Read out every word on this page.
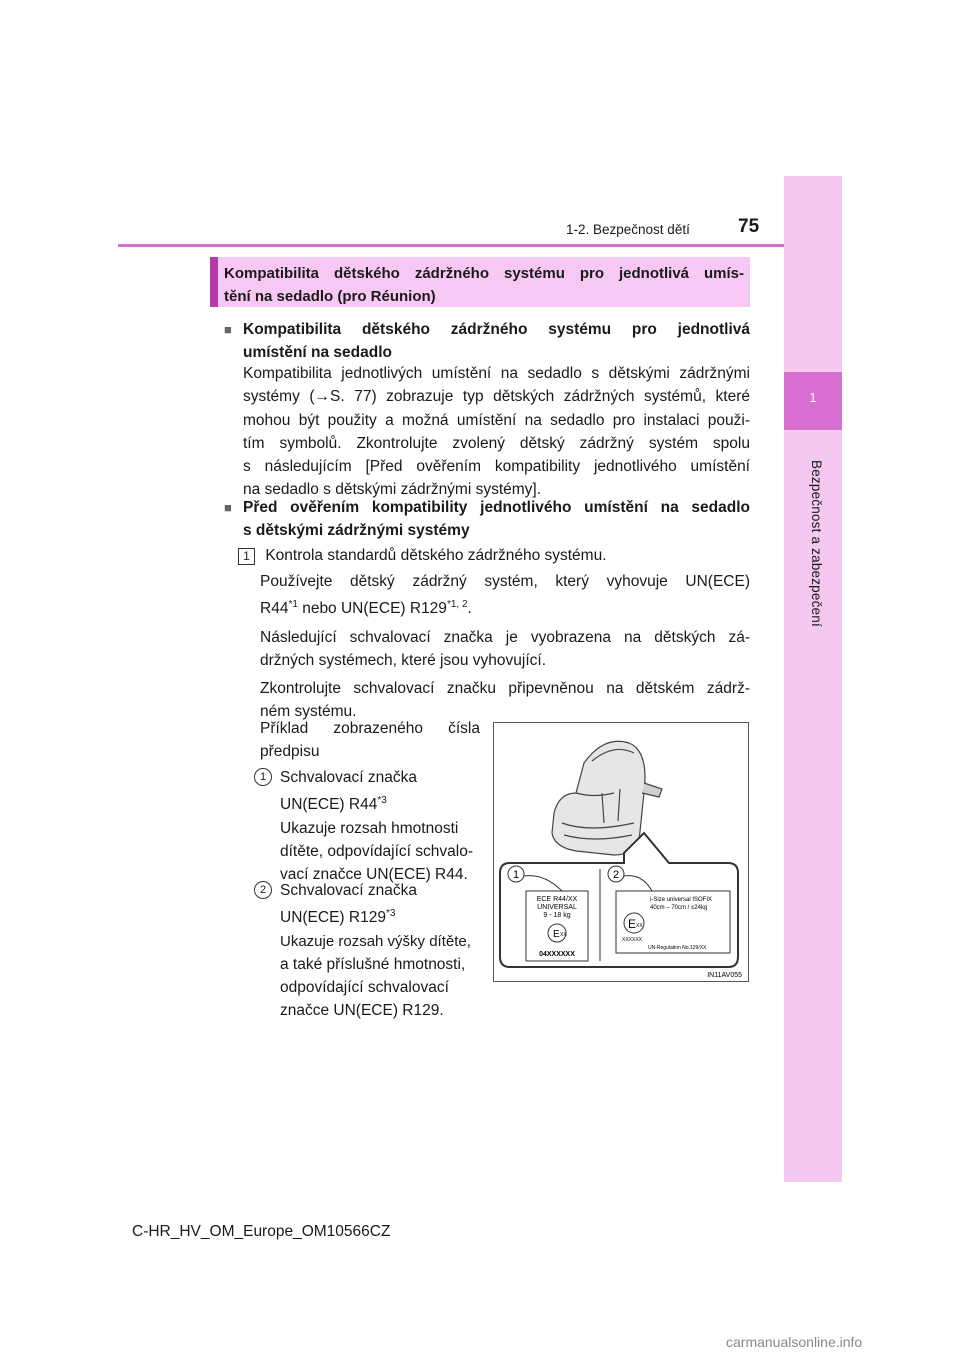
1
Bezpečnost a zabezpečení
1-2. Bezpečnost dětí	75
Kompatibilita dětského zádržného systému pro jednotlivá umís-
tění na sedadlo (pro Réunion)
■ Kompatibilita dětského zádržného systému pro jednotlivá
umístění na sedadlo
Kompatibilita jednotlivých umístění na sedadlo s dětskými zádržnými
systémy (→S. 77) zobrazuje typ dětských zádržných systémů, které
mohou být použity a možná umístění na sedadlo pro instalaci použi-
tím symbolů. Zkontrolujte zvolený dětský zádržný systém spolu
s následujícím [Před ověřením kompatibility jednotlivého umístění
na sedadlo s dětskými zádržnými systémy].
■ Před ověřením kompatibility jednotlivého umístění na sedadlo
s dětskými zádržnými systémy
1 Kontrola standardů dětského zádržného systému.
Používejte dětský zádržný systém, který vyhovuje UN(ECE)
R44$^{*1}$ nebo UN(ECE) R129$^{*1, 2}$.
Následující schvalovací značka je vyobrazena na dětských zá-
držných systémech, které jsou vyhovující.
Zkontrolujte schvalovací značku připevněnou na dětském zádrž-
ném systému.
Příklad zobrazeného čísla
předpisu
1 Schvalovací značka
UN(ECE) R44$^{*3}$
Ukazuje rozsah hmotnosti
dítěte, odpovídající schvalo-
vací značce UN(ECE) R44.
2 Schvalovací značka
UN(ECE) R129$^{*3}$
Ukazuje rozsah výšky dítěte,
a také příslušné hmotnosti,
odpovídající schvalovací
značce UN(ECE) R129.
1	2
ECE R44/XX
UNIVERSAL
9 - 18 kg
E XX
04XXXXXX
i-Size universal ISOFIX
40cm – 70cm / ≤24kg
E XX
XXXXXX
UN-Regulation No.129/XX
IN11AV055
C-HR_HV_OM_Europe_OM10566CZ
carmanualsonline.info
